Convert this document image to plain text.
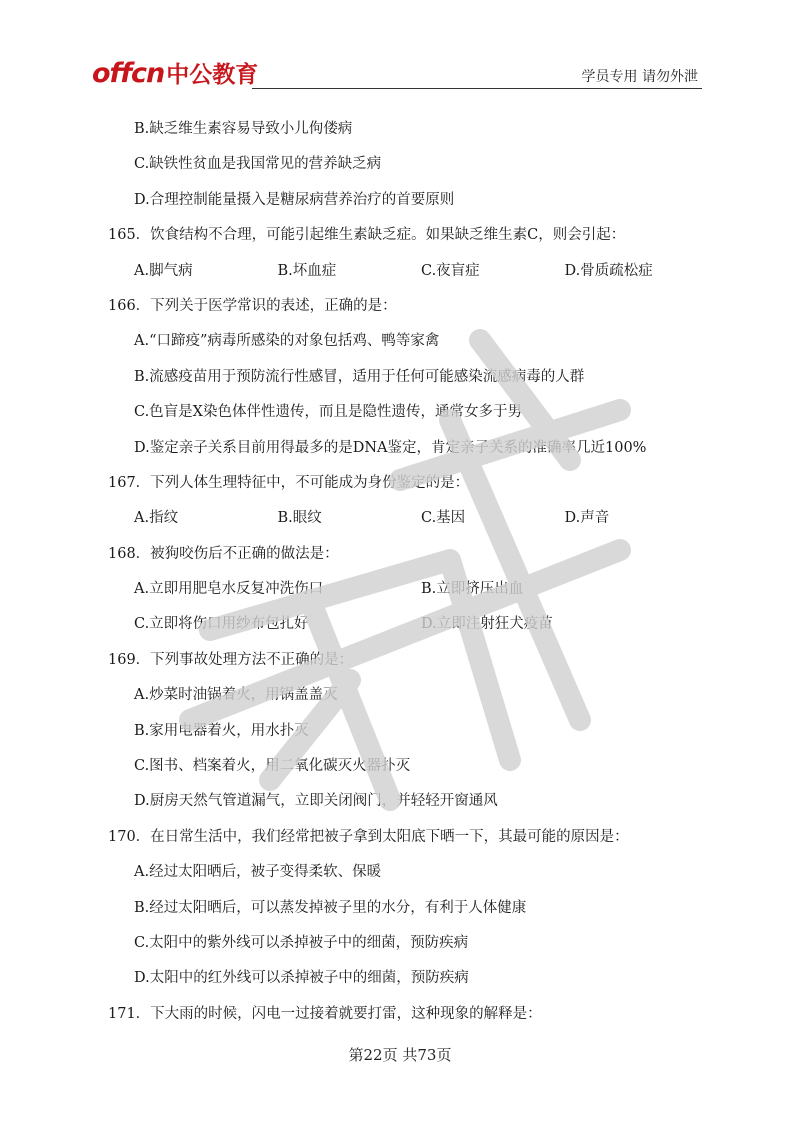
offcn 中公教育	学员专用 请勿外泄
B.缺乏维生素容易导致小儿佝偻病
C.缺铁性贫血是我国常见的营养缺乏病
D.合理控制能量摄入是糖尿病营养治疗的首要原则
165．饮食结构不合理，可能引起维生素缺乏症。如果缺乏维生素C，则会引起：
A.脚气病	B.坏血症	C.夜盲症	D.骨质疏松症
166．下列关于医学常识的表述，正确的是：
A.“口蹄疫”病毒所感染的对象包括鸡、鸭等家禽
B.流感疫苗用于预防流行性感冒，适用于任何可能感染流感病毒的人群
C.色盲是X染色体伴性遗传，而且是隐性遗传，通常女多于男
D.鉴定亲子关系目前用得最多的是DNA鉴定，肯定亲子关系的准确率几近100%
167．下列人体生理特征中，不可能成为身份鉴定的是：
A.指纹	B.眼纹	C.基因	D.声音
168．被狗咬伤后不正确的做法是：
A.立即用肥皂水反复冲洗伤口	B.立即挤压出血
C.立即将伤口用纱布包扎好	D.立即注射狂犬疫苗
169．下列事故处理方法不正确的是：
A.炒菜时油锅着火，用锅盖盖灭
B.家用电器着火，用水扑灭
C.图书、档案着火，用二氧化碳灭火器扑灭
D.厨房天然气管道漏气，立即关闭阀门，并轻轻开窗通风
170．在日常生活中，我们经常把被子拿到太阳底下晒一下，其最可能的原因是：
A.经过太阳晒后，被子变得柔软、保暖
B.经过太阳晒后，可以蒸发掉被子里的水分，有利于人体健康
C.太阳中的紫外线可以杀掉被子中的细菌，预防疾病
D.太阳中的红外线可以杀掉被子中的细菌，预防疾病
171．下大雨的时候，闪电一过接着就要打雷，这种现象的解释是：
第22页 共73页
